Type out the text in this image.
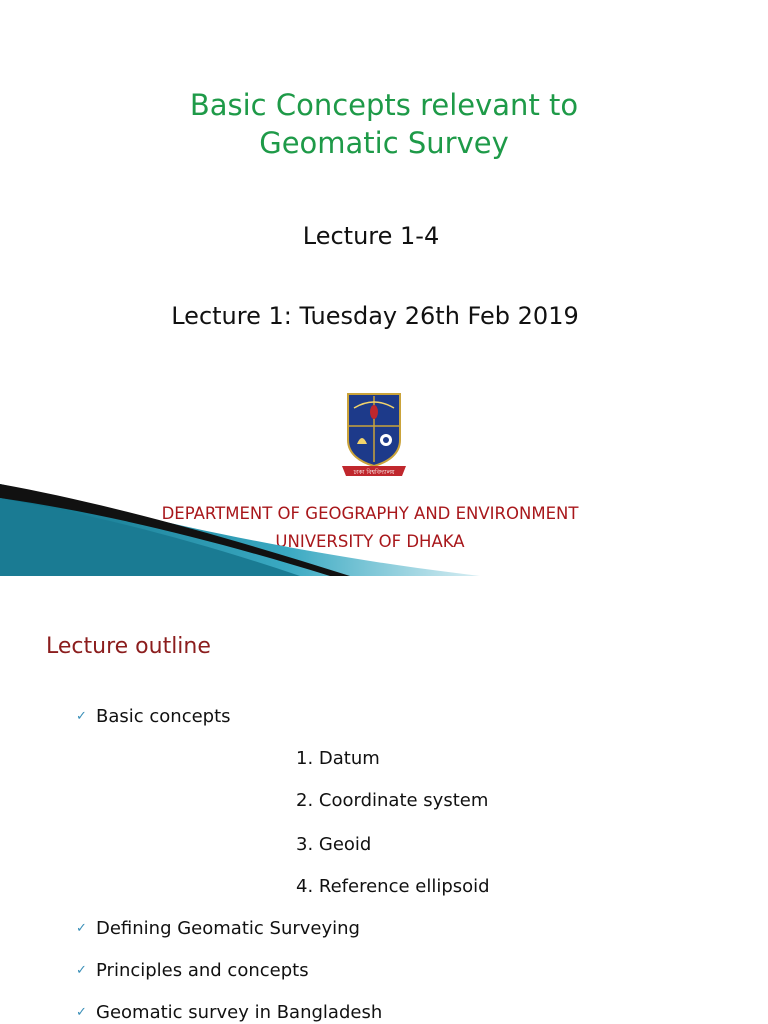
Basic Concepts relevant to
Geomatic Survey
Lecture 1-4
Lecture 1: Tuesday 26th Feb 2019
ঢাকা বিশ্ববিদ্যালয়
DEPARTMENT OF GEOGRAPHY AND ENVIRONMENT
UNIVERSITY OF DHAKA
Lecture outline
✓ Basic concepts
1. Datum
2. Coordinate system
3. Geoid
4. Reference ellipsoid
✓ Defining Geomatic Surveying
✓ Principles and concepts
✓ Geomatic survey in Bangladesh
